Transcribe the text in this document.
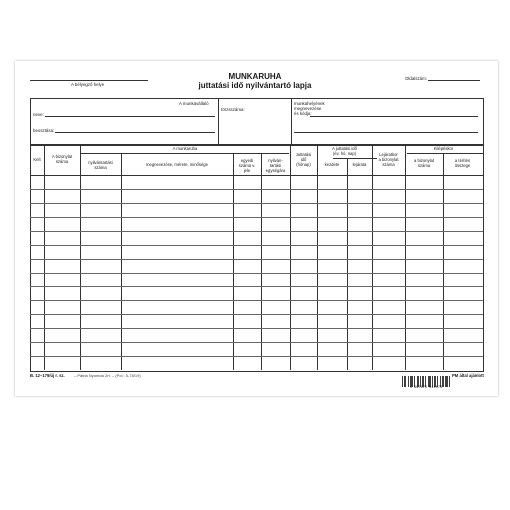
A bélyegző helye
MUNKARUHA
juttatási idő nyilvántartó lapja
Oldalszám:
A munkavállaló
neve:
törzsszáma:
beosztása:
munkahelyének
megnevezése
és kódja:
Kelt
A bizonylat
száma
A munkaruha
nyilvántartási
száma
megnevezése, mérete, minősége
egyedi
száma v.
jele
nyilván-
tartási
egységára
Juttatási
idő
(hónap)
A juttatási idő
(év, hó, nap)
kezdete	lejárata
Lejáratkor
a bizonylat
száma
Kilépéskor
a bizonylat
száma
a térítés
összege
B. 12–179/új r. sz. – Pátria Nyomda Zrt. – (Pol.: 5-78/19)	PM által ajánlott
5 997874 511073
